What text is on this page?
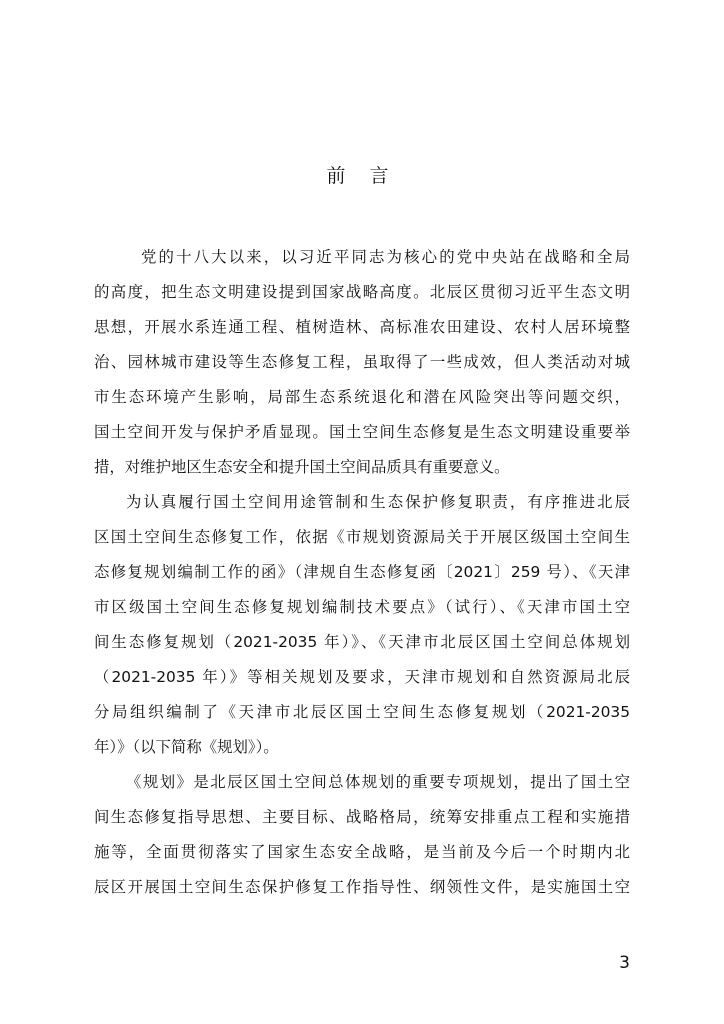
前 言
党的十八大以来，以习近平同志为核心的党中央站在战略和全局
的高度，把生态文明建设提到国家战略高度。北辰区贯彻习近平生态文明
思想，开展水系连通工程、植树造林、高标准农田建设、农村人居环境整
治、园林城市建设等生态修复工程，虽取得了一些成效，但人类活动对城
市生态环境产生影响，局部生态系统退化和潜在风险突出等问题交织，
国土空间开发与保护矛盾显现。国土空间生态修复是生态文明建设重要举
措，对维护地区生态安全和提升国土空间品质具有重要意义。
为认真履行国土空间用途管制和生态保护修复职责，有序推进北辰
区国土空间生态修复工作，依据《市规划资源局关于开展区级国土空间生
态修复规划编制工作的函》（津规自生态修复函〔2021〕259 号）、《天津
市区级国土空间生态修复规划编制技术要点》（试行）、《天津市国土空
间生态修复规划（2021-2035 年）》、《天津市北辰区国土空间总体规划
（2021-2035 年）》等相关规划及要求，天津市规划和自然资源局北辰
分局组织编制了《天津市北辰区国土空间生态修复规划（2021-2035
年）》（以下简称《规划》）。
《规划》是北辰区国土空间总体规划的重要专项规划，提出了国土空
间生态修复指导思想、主要目标、战略格局，统筹安排重点工程和实施措
施等，全面贯彻落实了国家生态安全战略，是当前及今后一个时期内北
辰区开展国土空间生态保护修复工作指导性、纲领性文件，是实施国土空
3
